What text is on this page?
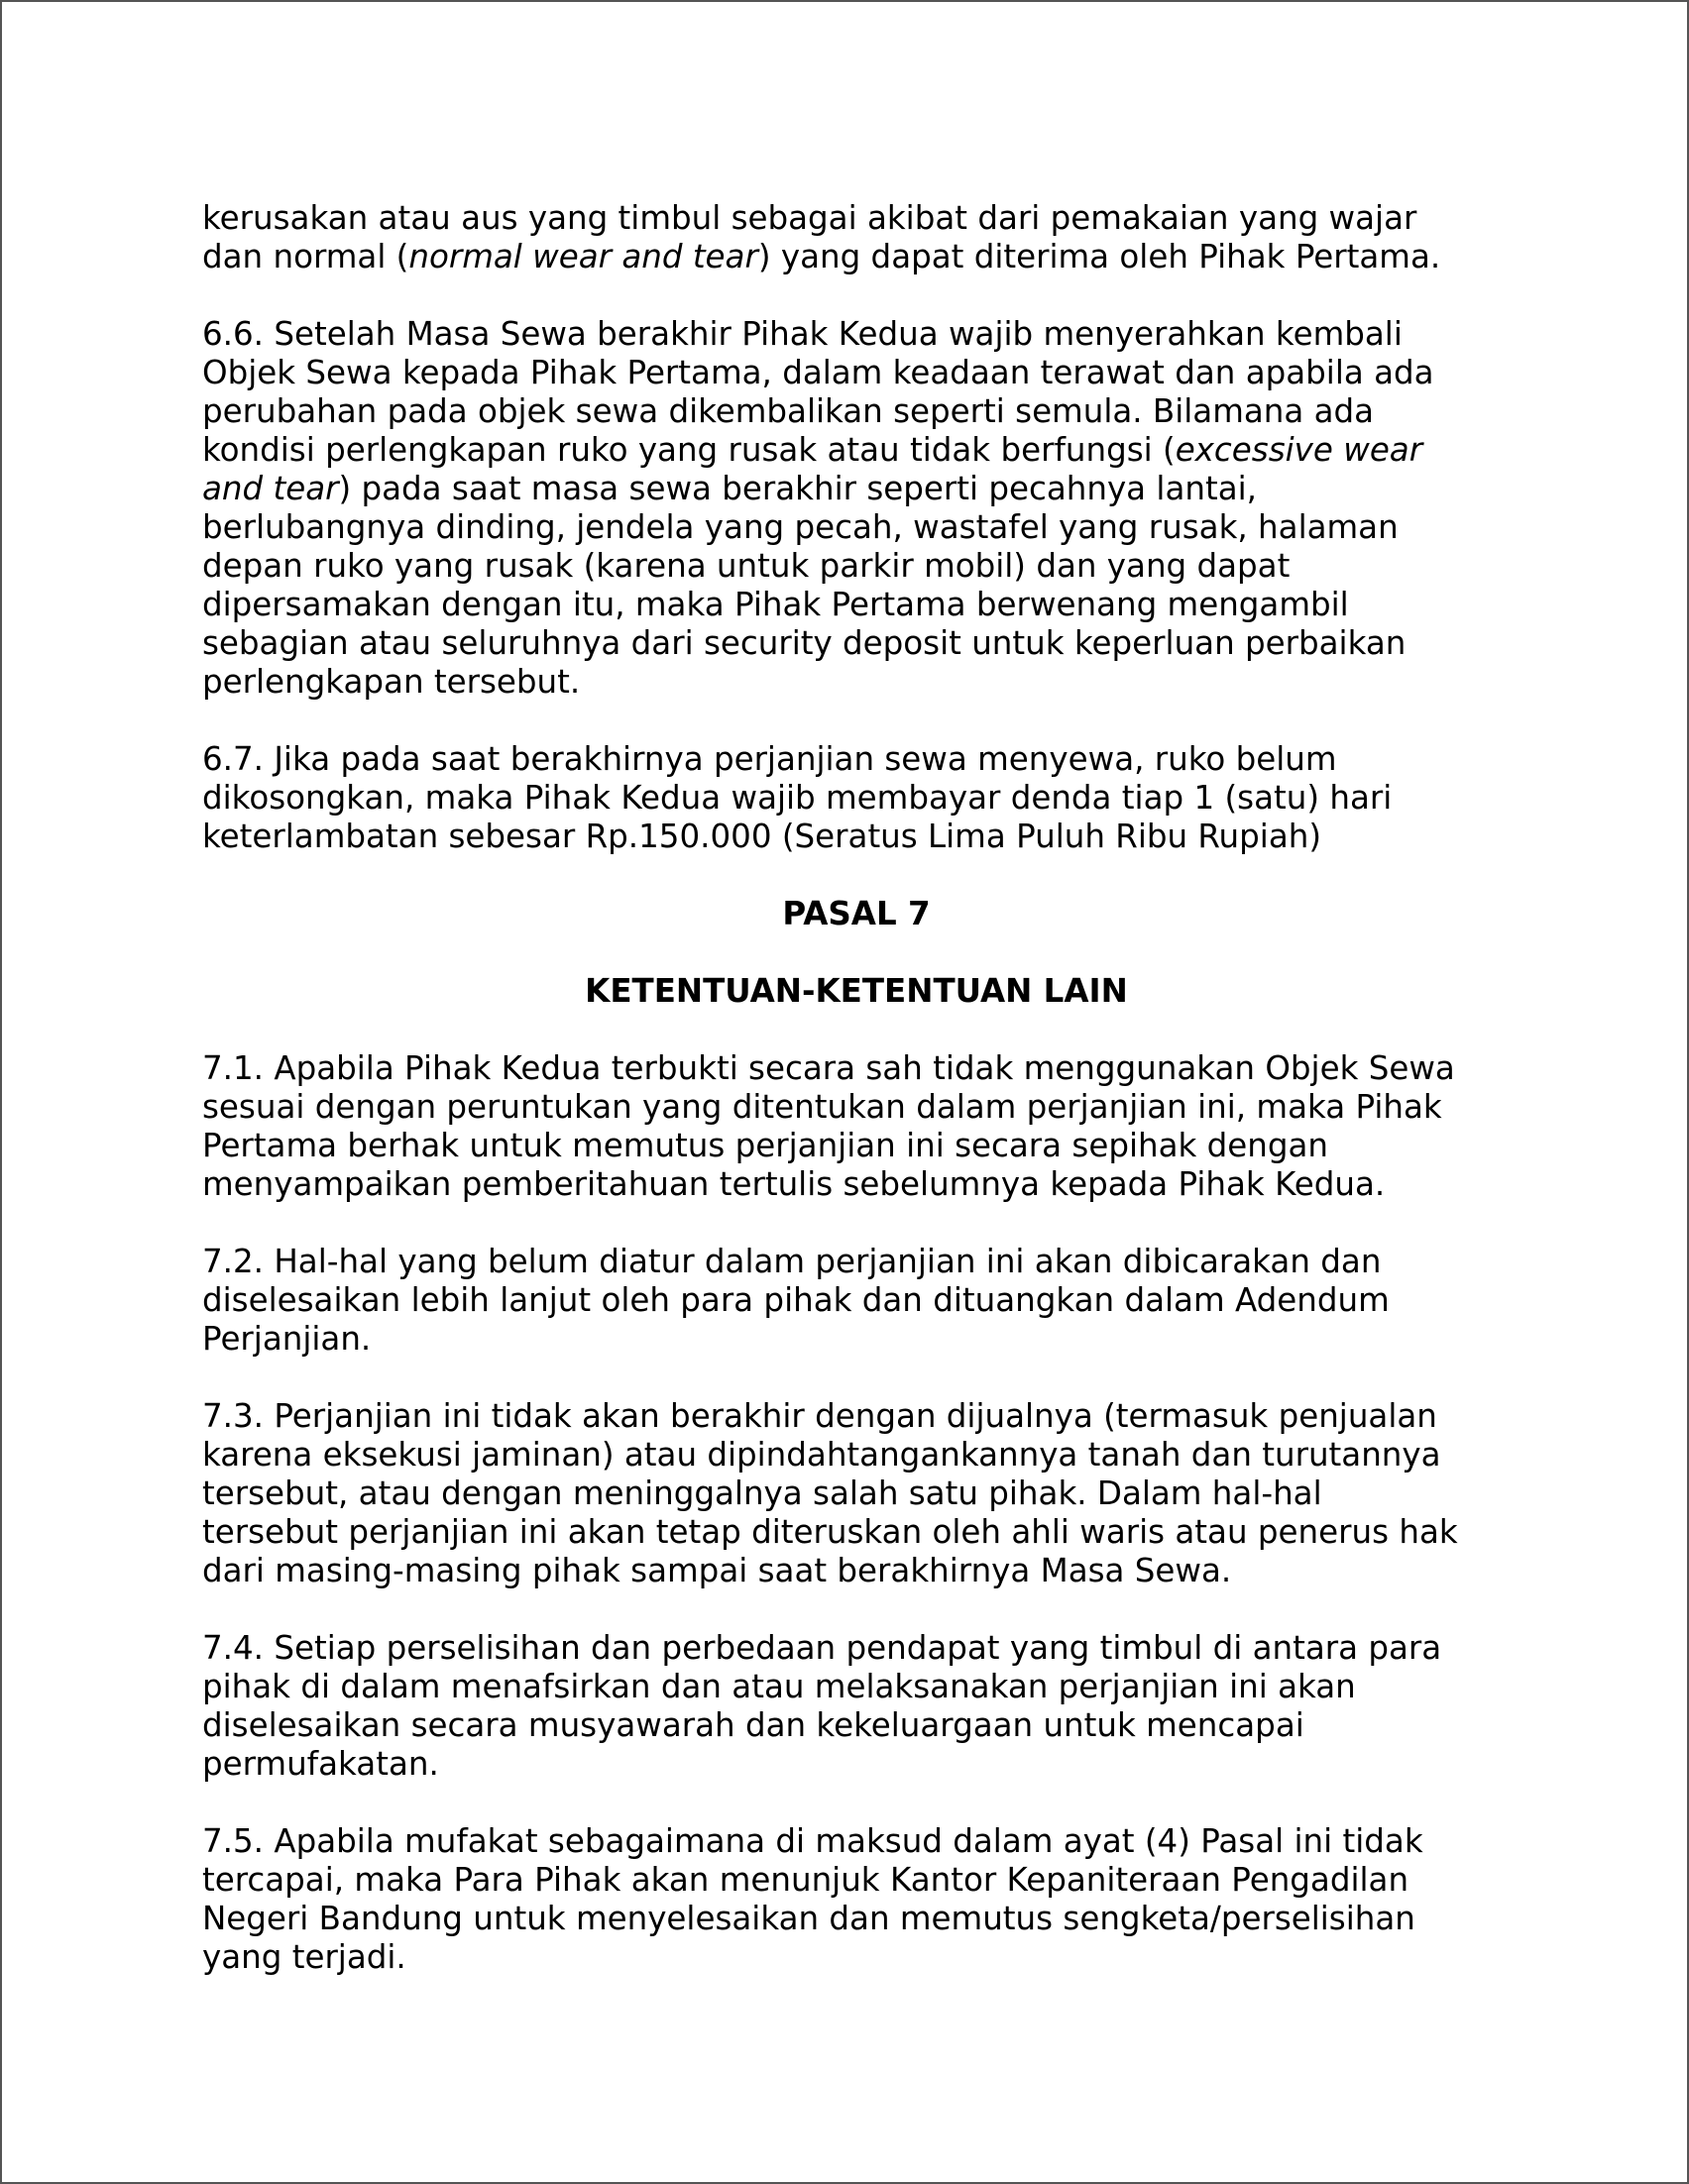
kerusakan atau aus yang timbul sebagai akibat dari pemakaian yang wajar
dan normal (normal wear and tear) yang dapat diterima oleh Pihak Pertama.

6.6. Setelah Masa Sewa berakhir Pihak Kedua wajib menyerahkan kembali
Objek Sewa kepada Pihak Pertama, dalam keadaan terawat dan apabila ada
perubahan pada objek sewa dikembalikan seperti semula. Bilamana ada
kondisi perlengkapan ruko yang rusak atau tidak berfungsi (excessive wear
and tear) pada saat masa sewa berakhir seperti pecahnya lantai,
berlubangnya dinding, jendela yang pecah, wastafel yang rusak, halaman
depan ruko yang rusak (karena untuk parkir mobil) dan yang dapat
dipersamakan dengan itu, maka Pihak Pertama berwenang mengambil
sebagian atau seluruhnya dari security deposit untuk keperluan perbaikan
perlengkapan tersebut.

6.7. Jika pada saat berakhirnya perjanjian sewa menyewa, ruko belum
dikosongkan, maka Pihak Kedua wajib membayar denda tiap 1 (satu) hari
keterlambatan sebesar Rp.150.000 (Seratus Lima Puluh Ribu Rupiah)

PASAL 7
KETENTUAN-KETENTUAN LAIN

7.1. Apabila Pihak Kedua terbukti secara sah tidak menggunakan Objek Sewa
sesuai dengan peruntukan yang ditentukan dalam perjanjian ini, maka Pihak
Pertama berhak untuk memutus perjanjian ini secara sepihak dengan
menyampaikan pemberitahuan tertulis sebelumnya kepada Pihak Kedua.

7.2. Hal-hal yang belum diatur dalam perjanjian ini akan dibicarakan dan
diselesaikan lebih lanjut oleh para pihak dan dituangkan dalam Adendum
Perjanjian.

7.3. Perjanjian ini tidak akan berakhir dengan dijualnya (termasuk penjualan
karena eksekusi jaminan) atau dipindahtangankannya tanah dan turutannya
tersebut, atau dengan meninggalnya salah satu pihak. Dalam hal-hal
tersebut perjanjian ini akan tetap diteruskan oleh ahli waris atau penerus hak
dari masing-masing pihak sampai saat berakhirnya Masa Sewa.

7.4. Setiap perselisihan dan perbedaan pendapat yang timbul di antara para
pihak di dalam menafsirkan dan atau melaksanakan perjanjian ini akan
diselesaikan secara musyawarah dan kekeluargaan untuk mencapai
permufakatan.

7.5. Apabila mufakat sebagaimana di maksud dalam ayat (4) Pasal ini tidak
tercapai, maka Para Pihak akan menunjuk Kantor Kepaniteraan Pengadilan
Negeri Bandung untuk menyelesaikan dan memutus sengketa/perselisihan
yang terjadi.
